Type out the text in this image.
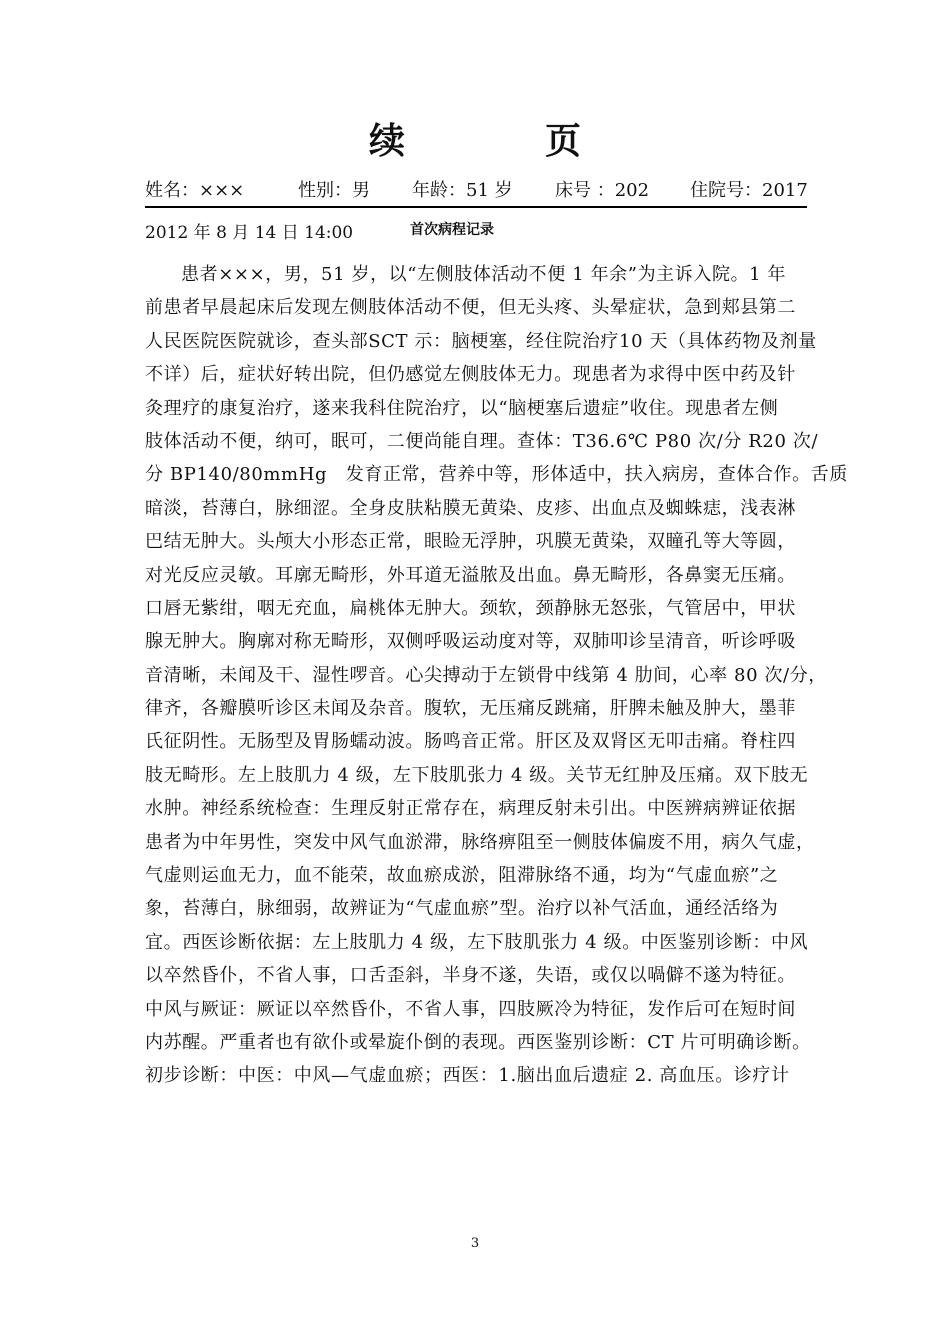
续　页
姓名：×××	性别：男 年龄：51 岁 床号 ：202 住院号：2017
2012 年 8 月 14 日 14:00	首次病程记录
患者×××，男，51 岁，以“左侧肢体活动不便 1 年余”为主诉入院。1 年
前患者早晨起床后发现左侧肢体活动不便，但无头疼、头晕症状，急到郏县第二
人民医院医院就诊，查头部SCT 示：脑梗塞，经住院治疗10 天（具体药物及剂量
不详）后，症状好转出院，但仍感觉左侧肢体无力。现患者为求得中医中药及针
灸理疗的康复治疗，遂来我科住院治疗，以“脑梗塞后遗症”收住。现患者左侧
肢体活动不便，纳可，眠可，二便尚能自理。查体：T36.6℃ P80 次/分 R20 次/
分 BP140/80mmHg　发育正常，营养中等，形体适中，扶入病房，查体合作。舌质
暗淡，苔薄白，脉细涩。全身皮肤粘膜无黄染、皮疹、出血点及蜘蛛痣，浅表淋
巴结无肿大。头颅大小形态正常，眼睑无浮肿，巩膜无黄染，双瞳孔等大等圆，
对光反应灵敏。耳廓无畸形，外耳道无溢脓及出血。鼻无畸形，各鼻窦无压痛。
口唇无紫绀，咽无充血，扁桃体无肿大。颈软，颈静脉无怒张，气管居中，甲状
腺无肿大。胸廓对称无畸形，双侧呼吸运动度对等，双肺叩诊呈清音，听诊呼吸
音清晰，未闻及干、湿性啰音。心尖搏动于左锁骨中线第 4 肋间，心率 80 次/分，
律齐，各瓣膜听诊区未闻及杂音。腹软，无压痛反跳痛，肝脾未触及肿大，墨菲
氏征阴性。无肠型及胃肠蠕动波。肠鸣音正常。肝区及双肾区无叩击痛。脊柱四
肢无畸形。左上肢肌力 4 级，左下肢肌张力 4 级。关节无红肿及压痛。双下肢无
水肿。神经系统检查：生理反射正常存在，病理反射未引出。中医辨病辨证依据
患者为中年男性，突发中风气血淤滞，脉络痹阻至一侧肢体偏废不用，病久气虚，
气虚则运血无力，血不能荣，故血瘀成淤，阻滞脉络不通，均为“气虚血瘀”之
象，苔薄白，脉细弱，故辨证为“气虚血瘀”型。治疗以补气活血，通经活络为
宜。西医诊断依据：左上肢肌力 4 级，左下肢肌张力 4 级。中医鉴别诊断：中风
以卒然昏仆，不省人事，口舌歪斜，半身不遂，失语，或仅以喎僻不遂为特征。
中风与厥证：厥证以卒然昏仆，不省人事，四肢厥冷为特征，发作后可在短时间
内苏醒。严重者也有欲仆或晕旋仆倒的表现。西医鉴别诊断：CT 片可明确诊断。
初步诊断：中医：中风—气虚血瘀；西医：1.脑出血后遗症 2. 高血压。诊疗计
3
